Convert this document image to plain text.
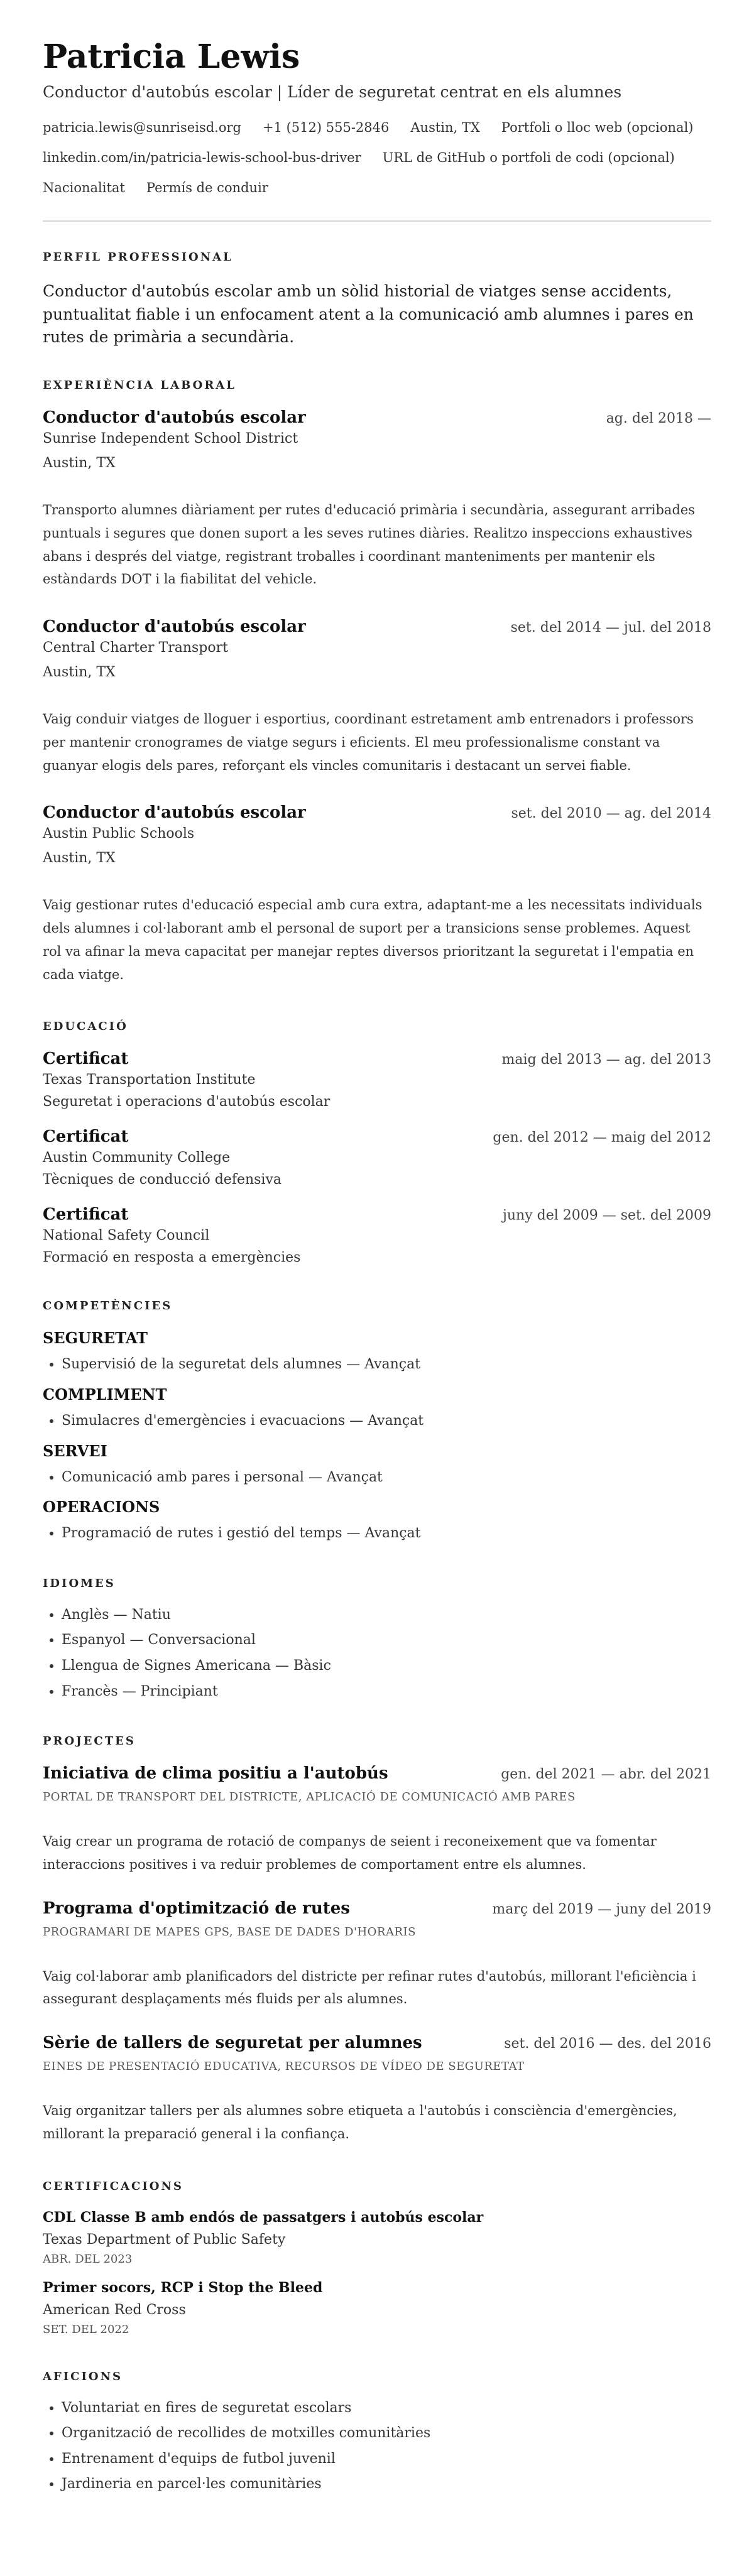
Patricia Lewis
Conductor d'autobús escolar | Líder de seguretat centrat en els alumnes
patricia.lewis@sunriseisd.org +1 (512) 555-2846 Austin, TX Portfoli o lloc web (opcional)
linkedin.com/in/patricia-lewis-school-bus-driver URL de GitHub o portfoli de codi (opcional)
Nacionalitat Permís de conduir
PERFIL PROFESSIONAL
Conductor d'autobús escolar amb un sòlid historial de viatges sense accidents, puntualitat fiable i un enfocament atent a la comunicació amb alumnes i pares en rutes de primària a secundària.
EXPERIÈNCIA LABORAL
Conductor d'autobús escolar	ag. del 2018 —
Sunrise Independent School District
Austin, TX
Transporto alumnes diàriament per rutes d'educació primària i secundària, assegurant arribades puntuals i segures que donen suport a les seves rutines diàries. Realitzo inspeccions exhaustives abans i després del viatge, registrant troballes i coordinant manteniments per mantenir els estàndards DOT i la fiabilitat del vehicle.
Conductor d'autobús escolar	set. del 2014 — jul. del 2018
Central Charter Transport
Austin, TX
Vaig conduir viatges de lloguer i esportius, coordinant estretament amb entrenadors i professors per mantenir cronogrames de viatge segurs i eficients. El meu professionalisme constant va guanyar elogis dels pares, reforçant els vincles comunitaris i destacant un servei fiable.
Conductor d'autobús escolar	set. del 2010 — ag. del 2014
Austin Public Schools
Austin, TX
Vaig gestionar rutes d'educació especial amb cura extra, adaptant-me a les necessitats individuals dels alumnes i col·laborant amb el personal de suport per a transicions sense problemes. Aquest rol va afinar la meva capacitat per manejar reptes diversos prioritzant la seguretat i l'empatia en cada viatge.
EDUCACIÓ
Certificat	maig del 2013 — ag. del 2013
Texas Transportation Institute
Seguretat i operacions d'autobús escolar
Certificat	gen. del 2012 — maig del 2012
Austin Community College
Tècniques de conducció defensiva
Certificat	juny del 2009 — set. del 2009
National Safety Council
Formació en resposta a emergències
COMPETÈNCIES
SEGURETAT
• Supervisió de la seguretat dels alumnes — Avançat
COMPLIMENT
• Simulacres d'emergències i evacuacions — Avançat
SERVEI
• Comunicació amb pares i personal — Avançat
OPERACIONS
• Programació de rutes i gestió del temps — Avançat
IDIOMES
• Anglès — Natiu
• Espanyol — Conversacional
• Llengua de Signes Americana — Bàsic
• Francès — Principiant
PROJECTES
Iniciativa de clima positiu a l'autobús	gen. del 2021 — abr. del 2021
PORTAL DE TRANSPORT DEL DISTRICTE, APLICACIÓ DE COMUNICACIÓ AMB PARES
Vaig crear un programa de rotació de companys de seient i reconeixement que va fomentar interaccions positives i va reduir problemes de comportament entre els alumnes.
Programa d'optimització de rutes	març del 2019 — juny del 2019
PROGRAMARI DE MAPES GPS, BASE DE DADES D'HORARIS
Vaig col·laborar amb planificadors del districte per refinar rutes d'autobús, millorant l'eficiència i assegurant desplaçaments més fluids per als alumnes.
Sèrie de tallers de seguretat per alumnes	set. del 2016 — des. del 2016
EINES DE PRESENTACIÓ EDUCATIVA, RECURSOS DE VÍDEO DE SEGURETAT
Vaig organitzar tallers per als alumnes sobre etiqueta a l'autobús i consciència d'emergències, millorant la preparació general i la confiança.
CERTIFICACIONS
CDL Classe B amb endós de passatgers i autobús escolar
Texas Department of Public Safety
ABR. DEL 2023
Primer socors, RCP i Stop the Bleed
American Red Cross
SET. DEL 2022
AFICIONS
• Voluntariat en fires de seguretat escolars
• Organització de recollides de motxilles comunitàries
• Entrenament d'equips de futbol juvenil
• Jardineria en parcel·les comunitàries
